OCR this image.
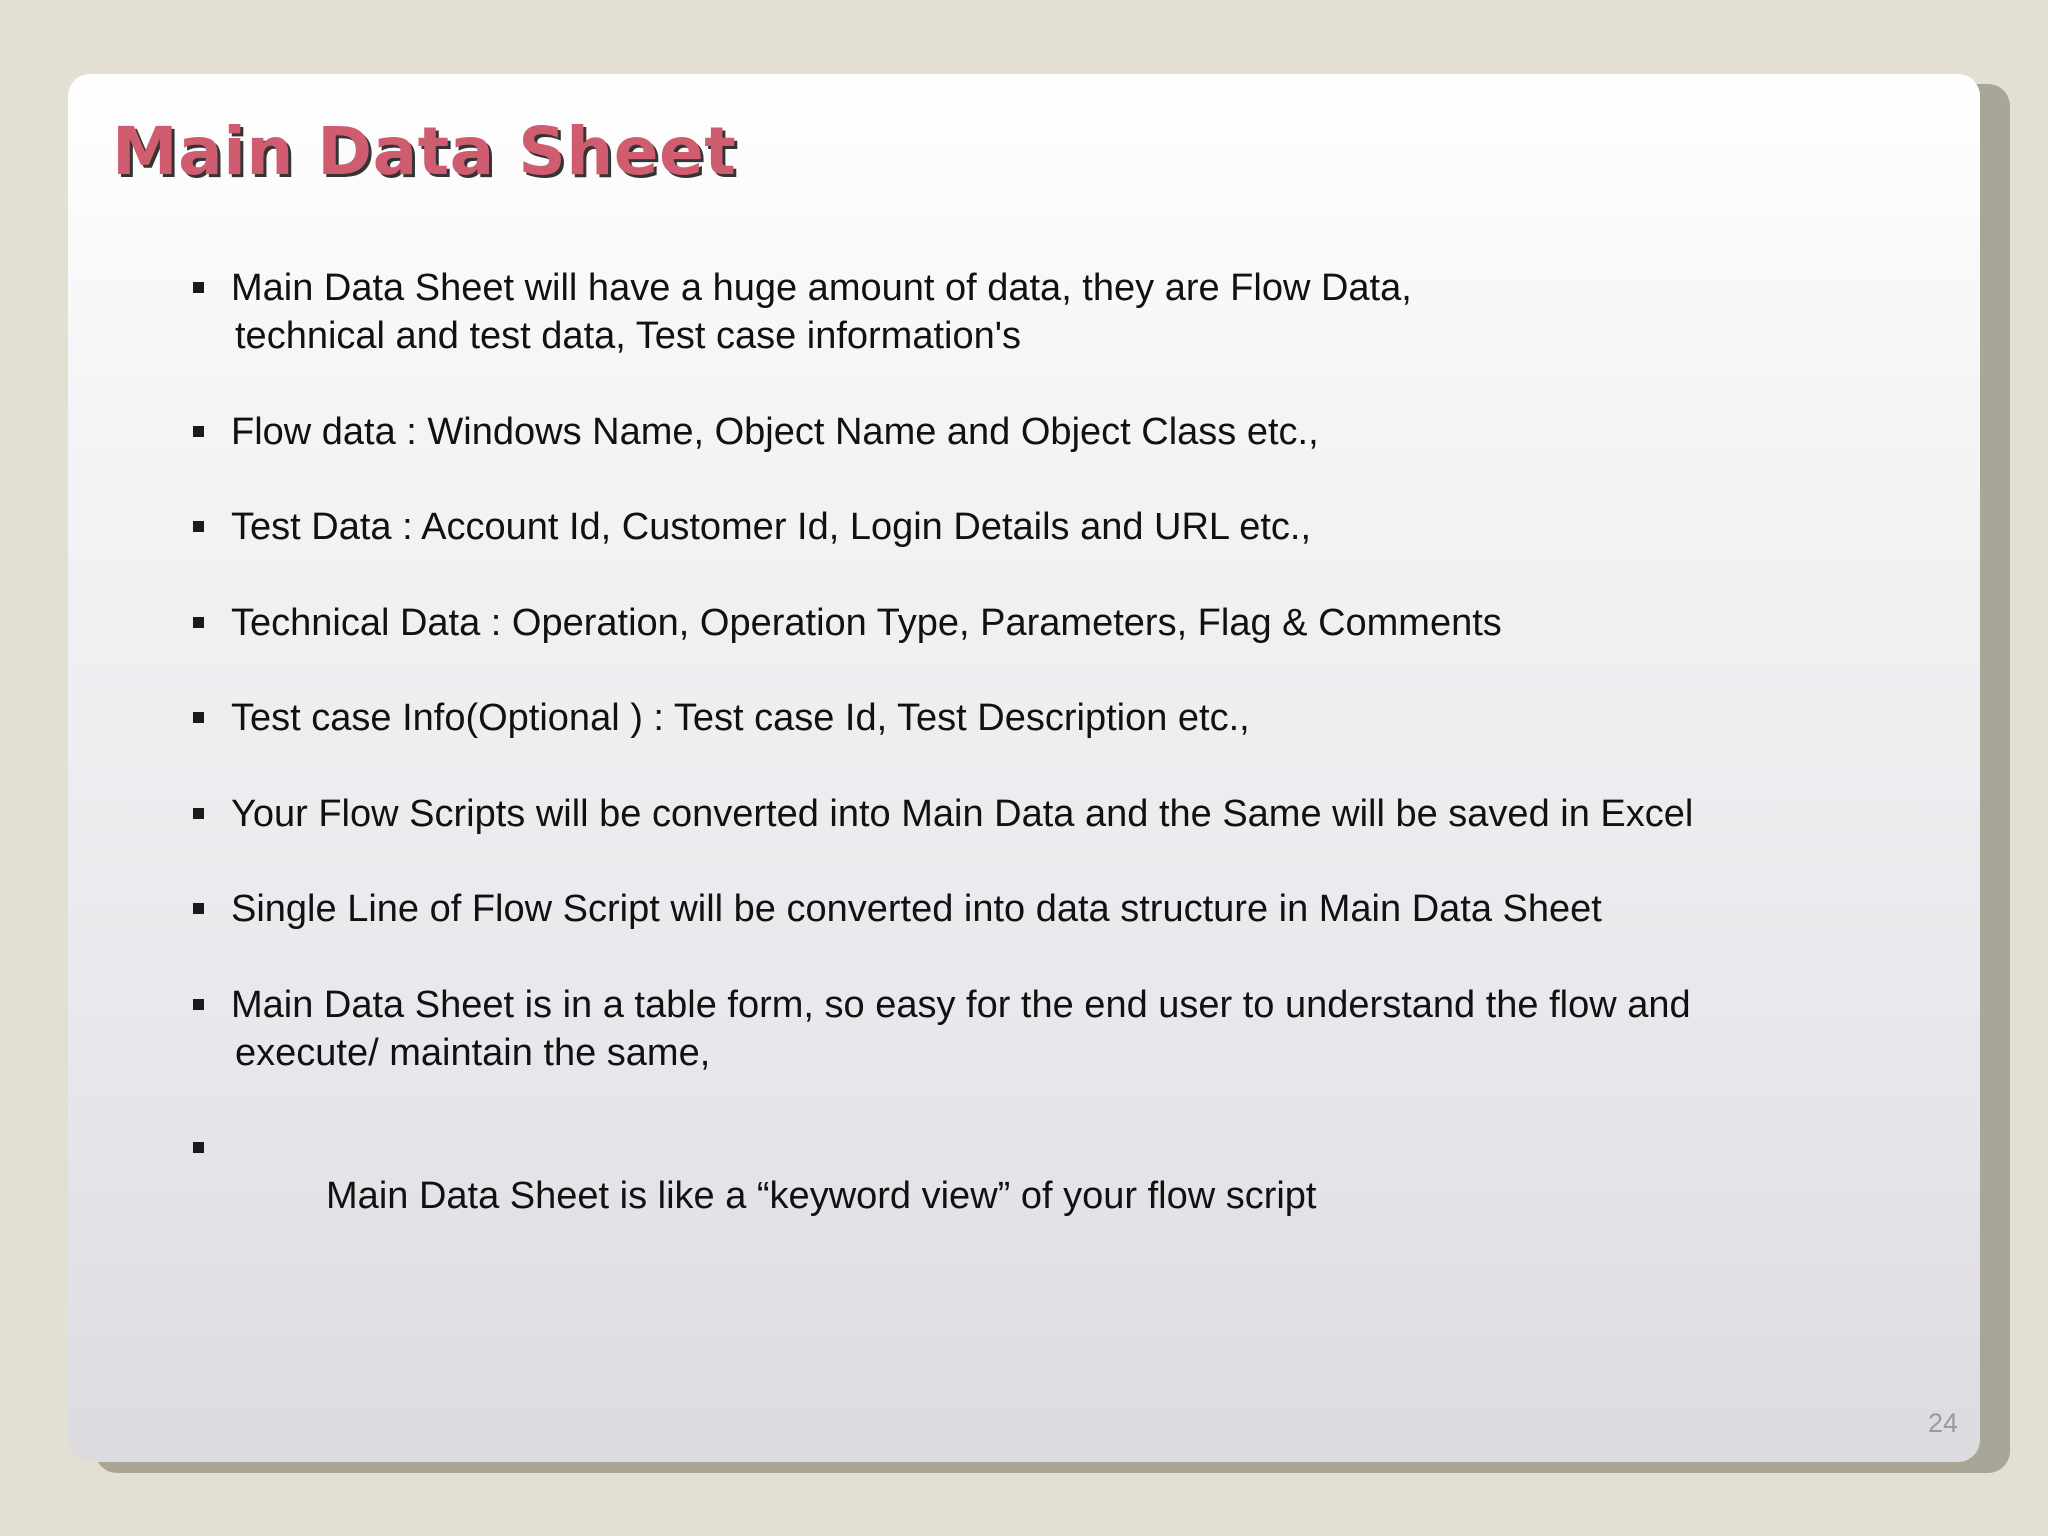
Main Data Sheet
Main Data Sheet will have a huge amount of data, they are Flow Data,
technical and test data, Test case information's
Flow data : Windows Name, Object Name and Object Class etc.,
Test Data : Account Id, Customer Id, Login Details and URL etc.,
Technical Data : Operation, Operation Type, Parameters, Flag & Comments
Test case Info(Optional ) : Test case Id, Test Description etc.,
Your Flow Scripts will be converted into Main Data and the Same will be saved in Excel
Single Line of Flow Script will be converted into data structure in Main Data Sheet
Main Data Sheet is in a table form, so easy for the end user to understand the flow and
execute/ maintain the same,

Main Data Sheet is like a “keyword view” of your flow script

24
